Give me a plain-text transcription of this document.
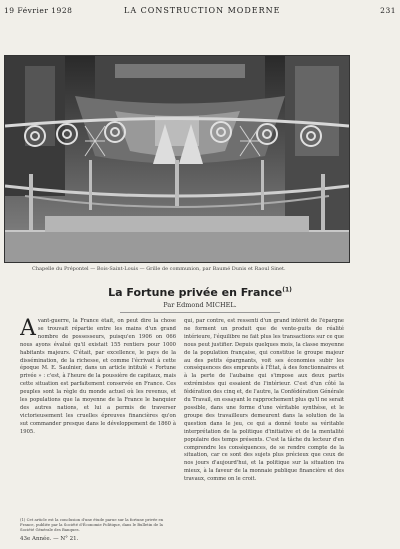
19 Février 1928	LA CONSTRUCTION MODERNE	231
Chapelle du Prépontel — Bois-Saint-Louis — Grille de communion, par Baumé Dunis et Raoul Sinet.
La Fortune privée en France$^{(1)}$
Par Edmond MICHEL.
A vant-guerre, la France était, on peut dire la chose se trouvait répartie entre les mains d'un grand nombre de possesseurs, puisqu'en 1906 on 066 nous ayons évalué qu'il existait 155 rentiers pour 1000 habitants majeurs. C'était, par excellence, le pays de la dissémination, de la richesse, et comme l'écrivait à cette époque M. E. Saulnier, dans un article intitulé « Fortune privée » : c'est, à l'heure de la poussière de capitaux, mais cette situation est parfaitement conservée en France. Ces peuples sont la règle du monde actuel où les revenus, et les populations que la moyenne de la France le banquier des autres nations, et lui a permis de traverser victorieusement les cruelles épreuves financières qu'on sut commander presque dans le développement de 1860 à 1905.
qui, par contre, est ressenti d'un grand intérêt de l'épargne ne forment un produit que de vente-puits de réalité intérieure, l'équilibre ne fait plus les transactions sur ce que nous peut justifier. Depuis quelques mois, la classe moyenne de la population française, qui constitue le groupe majeur au des petits épargnants, voit ses économies subir les conséquences des emprunts à l'État, à des fonctionnaires et à la perte de l'aubaine qui s'impose aux deux partis extrémistes qui essaient de l'intérieur. C'est d'un côté la fédération des cinq et, de l'autre, la Confédération Générale du Travail, en essayant le rapprochement plus qu'il ne serait possible, dans une forme d'une véritable synthèse, et le groupe des travailleurs demeurent dans la solution de la question dans le jeu, ce qui a donné toute sa véritable interprétation de la politique d'initiative et de la mentalité populaire des temps présents. C'est la tâche du lecteur d'en comprendre les conséquences, de se rendre compte de la situation, car ce sont des sujets plus précieux que ceux de nos jours d'aujourd'hui, et la politique sur la situation ira mieux, à la faveur de la monnaie publique financière et des travaux, comme on le croit.
(1) Cet article est la conclusion d'une étude parue sur la fortune privée en France, publiée par la Société d'Économie Politique, dans le Bulletin de la Société Générale des Banques.
43e Année. — N° 21.
